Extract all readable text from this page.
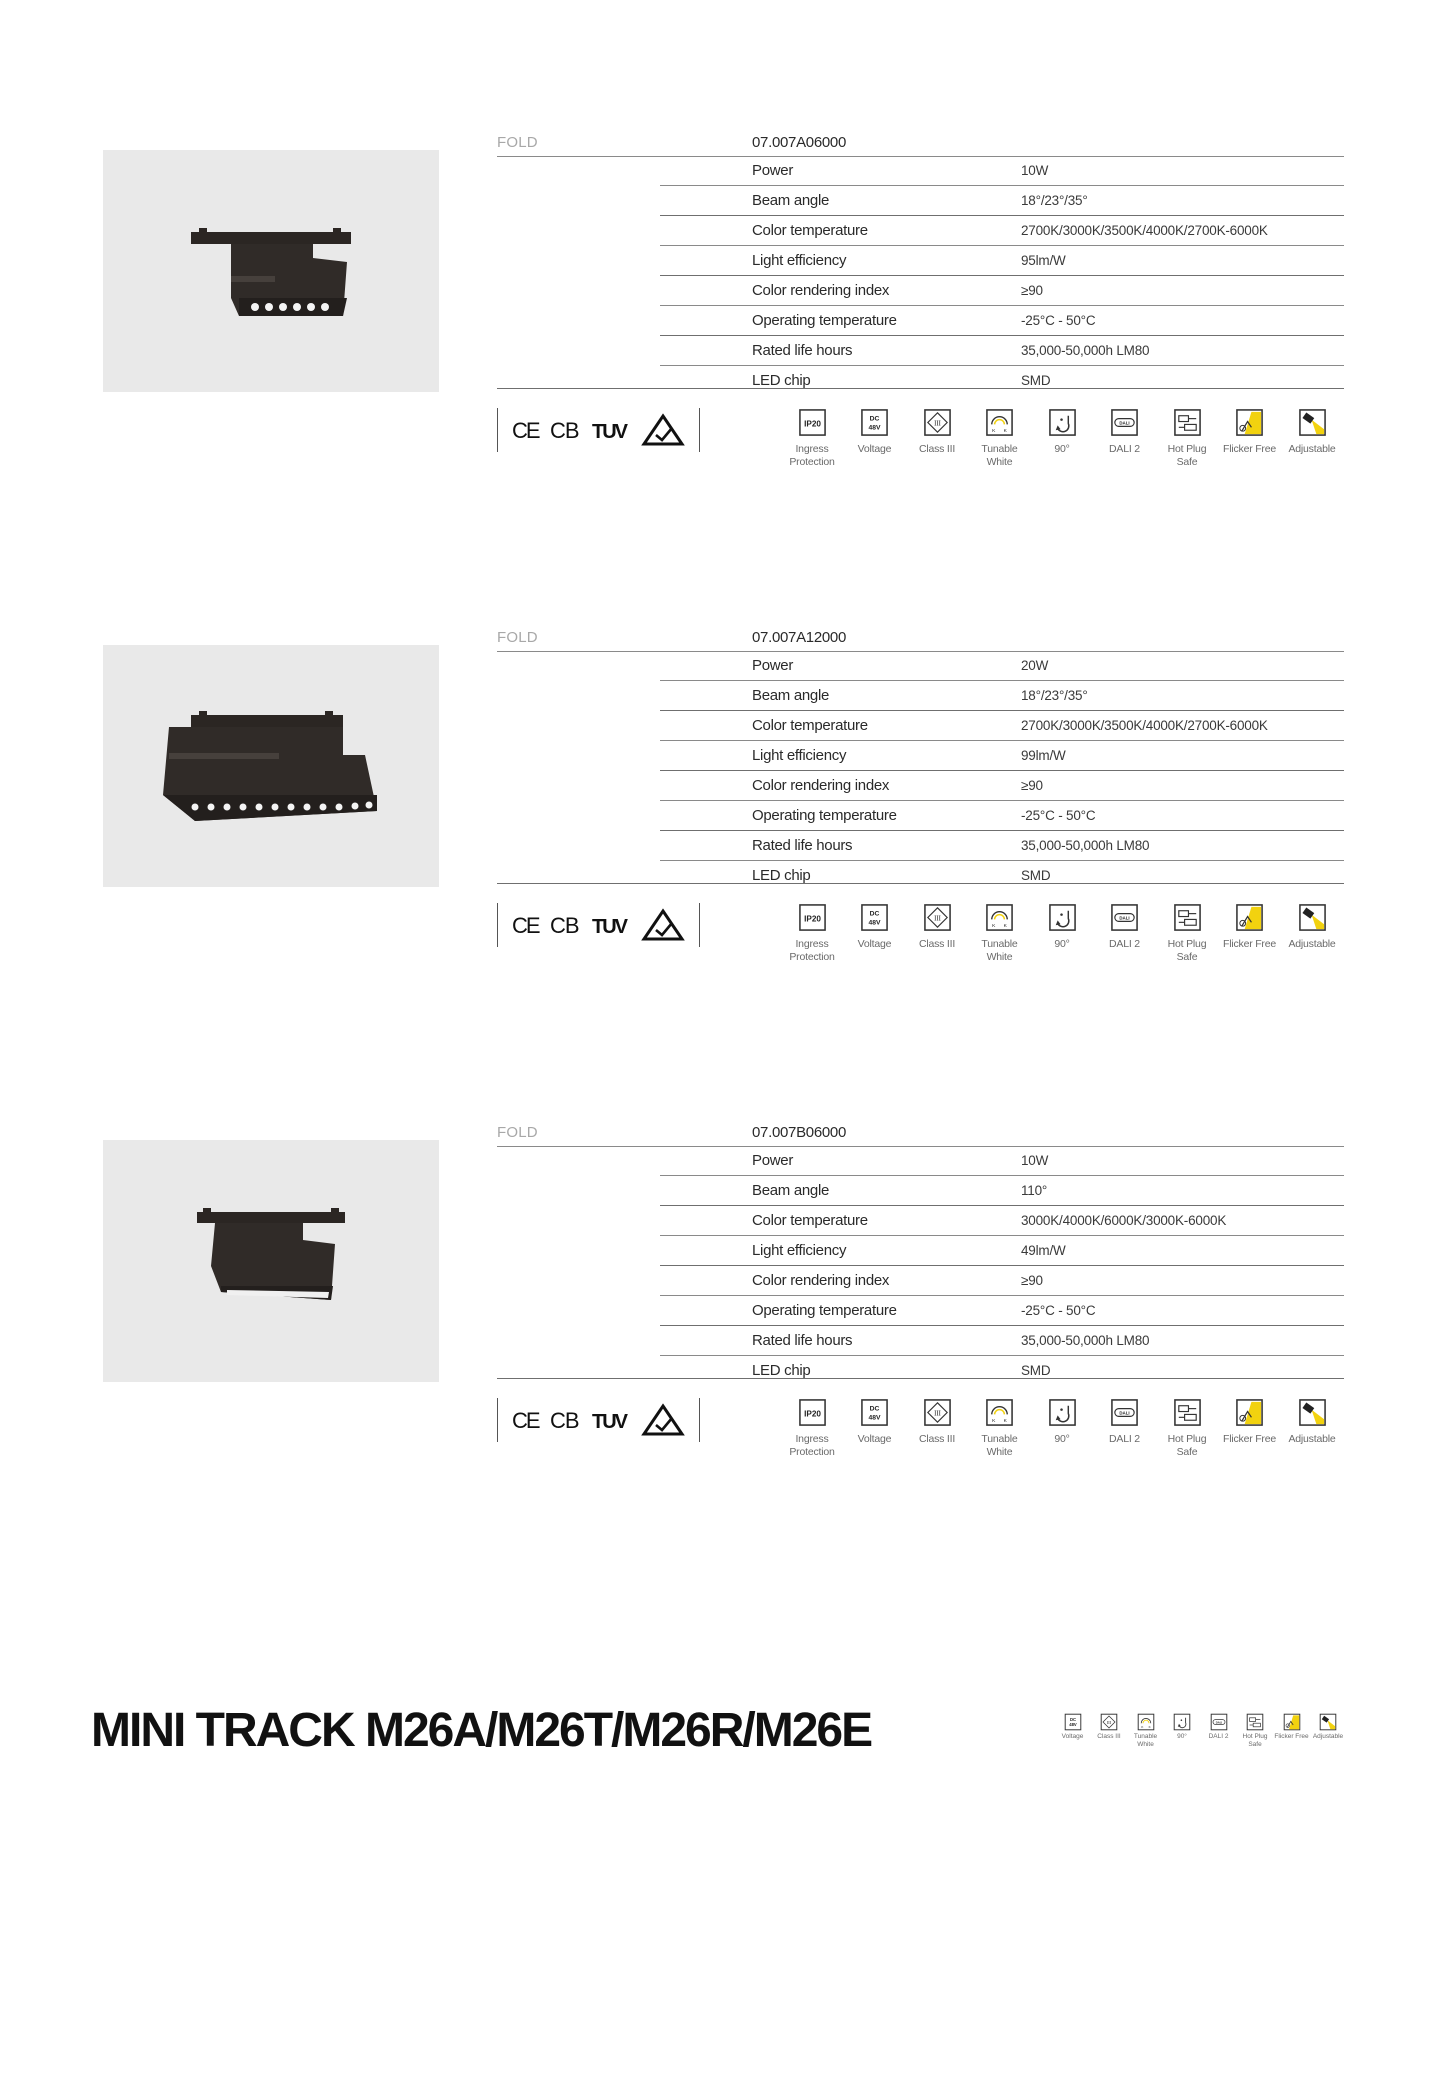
FOLD	07.007A06000
Power	10W
Beam angle	18°/23°/35°
Color temperature	2700K/3000K/3500K/4000K/2700K-6000K
Light efficiency	95lm/W
Color rendering index	≥90
Operating temperature	-25°C - 50°C
Rated life hours	35,000-50,000h LM80
LED chip	SMD
CE CB TUV	IP20
Ingress Protection
DC
48V
Voltage
III
Class III
K K
Tunable White
90°
DALI
DALI 2	Hot Plug Safe
Flicker Free	Adjustable
FOLD	07.007A12000
Power	20W
Beam angle	18°/23°/35°
Color temperature	2700K/3000K/3500K/4000K/2700K-6000K
Light efficiency	99lm/W
Color rendering index	≥90
Operating temperature	-25°C - 50°C
Rated life hours	35,000-50,000h LM80
LED chip	SMD
CE CB TUV	IP20
Ingress Protection
DC
48V
Voltage
III
Class III
K K
Tunable White
90°
DALI
DALI 2	Hot Plug Safe
Flicker Free	Adjustable
FOLD	07.007B06000
Power	10W
Beam angle	110°
Color temperature	3000K/4000K/6000K/3000K-6000K
Light efficiency	49lm/W
Color rendering index	≥90
Operating temperature	-25°C - 50°C
Rated life hours	35,000-50,000h LM80
LED chip	SMD
CE CB TUV	IP20
Ingress Protection
DC
48V
Voltage
III
Class III
K K
Tunable White
90°
DALI
DALI 2	Hot Plug Safe
Flicker Free	Adjustable
MINI TRACK M26A/M26T/M26R/M26E	DC
48V
Voltage
III
Class III
K K
Tunable White
90°
DALI
DALI 2	Hot Plug Safe
Flicker Free Adjustable
